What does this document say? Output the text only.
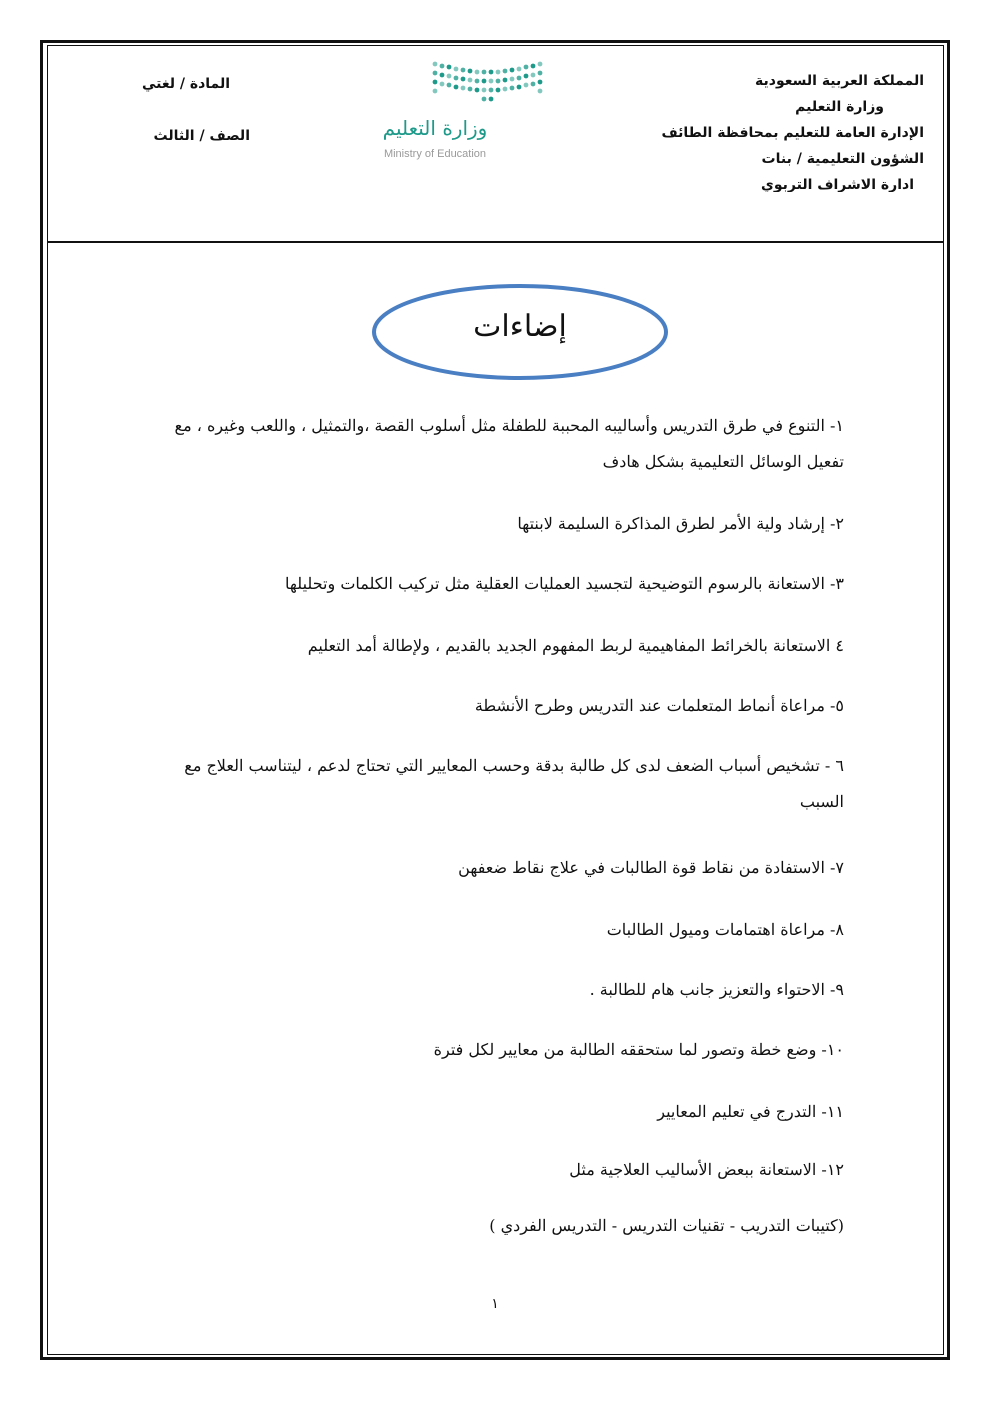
المملكة العربية السعودية
وزارة التعليم
الإدارة العامة للتعليم بمحافظة الطائف
الشؤون التعليمية / بنات
ادارة الاشراف التربوي
المادة / لغتي
الصف / الثالث	وزارة التعليم
Ministry of Education
إضاءات
١- التنوع في طرق التدريس وأساليبه المحببة للطفلة مثل أسلوب القصة ،والتمثيل ، واللعب وغيره ، مع تفعيل الوسائل التعليمية بشكل هادف
٢- إرشاد ولية الأمر لطرق المذاكرة السليمة لابنتها
٣- الاستعانة بالرسوم التوضيحية لتجسيد العمليات العقلية مثل تركيب الكلمات وتحليلها
٤ الاستعانة بالخرائط المفاهيمية لربط المفهوم الجديد بالقديم ، ولإطالة أمد التعليم
٥- مراعاة أنماط المتعلمات عند التدريس وطرح الأنشطة
٦ - تشخيص أسباب الضعف لدى كل طالبة بدقة وحسب المعايير التي تحتاج لدعم ، ليتناسب العلاج مع السبب
٧- الاستفادة من نقاط قوة الطالبات في علاج نقاط ضعفهن
٨- مراعاة اهتمامات وميول الطالبات
٩- الاحتواء والتعزيز جانب هام للطالبة .
١٠- وضع خطة وتصور لما ستحققه الطالبة من معايير لكل فترة
١١- التدرج في تعليم المعايير
١٢- الاستعانة ببعض الأساليب العلاجية مثل
(كتيبات التدريب - تقنيات التدريس - التدريس الفردي )
١
